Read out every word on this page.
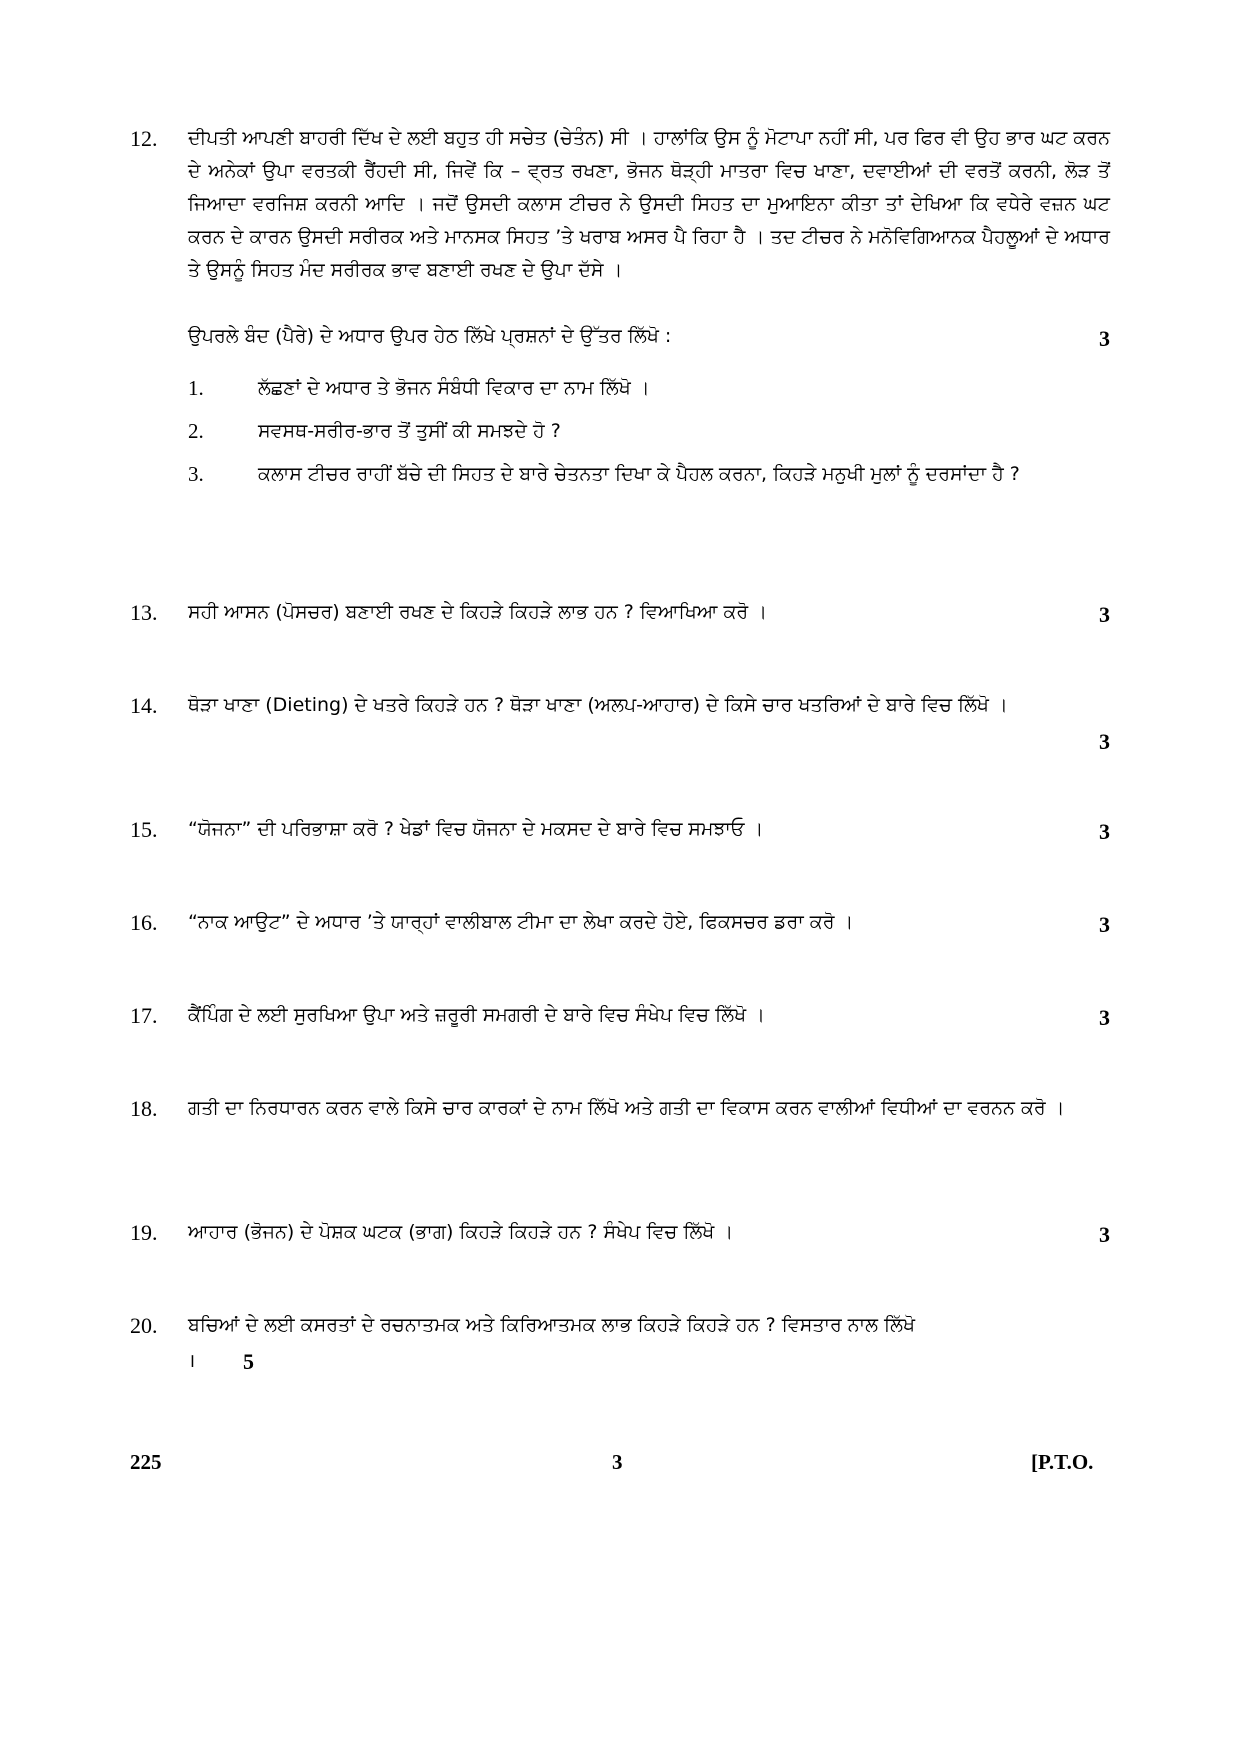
12.	ਦੀਪਤੀ ਆਪਣੀ ਬਾਹਰੀ ਦਿੱਖ ਦੇ ਲਈ ਬਹੁਤ ਹੀ ਸਚੇਤ (ਚੇਤੰਨ) ਸੀ । ਹਾਲਾਂਕਿ ਉਸ ਨੂੰ ਮੋਟਾਪਾ ਨਹੀਂ ਸੀ, ਪਰ ਫਿਰ ਵੀ ਉਹ ਭਾਰ ਘਟ ਕਰਨ ਦੇ ਅਨੇਕਾਂ ਉਪਾ ਵਰਤਕੀ ਰੈਂਹਦੀ ਸੀ, ਜਿਵੇਂ ਕਿ – ਵ੍ਰਤ ਰਖਣਾ, ਭੋਜਨ ਥੋੜ੍ਹੀ ਮਾਤਰਾ ਵਿਚ ਖਾਣਾ, ਦਵਾਈਆਂ ਦੀ ਵਰਤੋਂ ਕਰਨੀ, ਲੋੜ ਤੋਂ ਜਿਆਦਾ ਵਰਜਿਸ਼ ਕਰਨੀ ਆਦਿ । ਜਦੋਂ ਉਸਦੀ ਕਲਾਸ ਟੀਚਰ ਨੇ ਉਸਦੀ ਸਿਹਤ ਦਾ ਮੁਆਇਨਾ ਕੀਤਾ ਤਾਂ ਦੇਖਿਆ ਕਿ ਵਧੇਰੇ ਵਜ਼ਨ ਘਟ ਕਰਨ ਦੇ ਕਾਰਨ ਉਸਦੀ ਸਰੀਰਕ ਅਤੇ ਮਾਨਸਕ ਸਿਹਤ ’ਤੇ ਖਰਾਬ ਅਸਰ ਪੈ ਰਿਹਾ ਹੈ । ਤਦ ਟੀਚਰ ਨੇ ਮਨੋਵਿਗਿਆਨਕ ਪੈਹਲੂਆਂ ਦੇ ਅਧਾਰ ਤੇ ਉਸਨੂੰ ਸਿਹਤ ਮੰਦ ਸਰੀਰਕ ਭਾਵ ਬਣਾਈ ਰਖਣ ਦੇ ਉਪਾ ਦੱਸੇ ।
ਉਪਰਲੇ ਬੰਦ (ਪੈਰੇ) ਦੇ ਅਧਾਰ ਉਪਰ ਹੇਠ ਲਿੱਖੇ ਪ੍ਰਸ਼ਨਾਂ ਦੇ ਉੱਤਰ ਲਿੱਖੋ :	3
1.	ਲੱਛਣਾਂ ਦੇ ਅਧਾਰ ਤੇ ਭੋਜਨ ਸੰਬੰਧੀ ਵਿਕਾਰ ਦਾ ਨਾਮ ਲਿੱਖੋ ।
2.	ਸਵਸਥ-ਸਰੀਰ-ਭਾਰ ਤੋਂ ਤੁਸੀਂ ਕੀ ਸਮਝਦੇ ਹੋ ?
3.	ਕਲਾਸ ਟੀਚਰ ਰਾਹੀਂ ਬੱਚੇ ਦੀ ਸਿਹਤ ਦੇ ਬਾਰੇ ਚੇਤਨਤਾ ਦਿਖਾ ਕੇ ਪੈਹਲ ਕਰਨਾ, ਕਿਹੜੇ ਮਨੁਖੀ ਮੁਲਾਂ ਨੂੰ ਦਰਸਾਂਦਾ ਹੈ ?
13.	ਸਹੀ ਆਸਨ (ਪੋਸਚਰ) ਬਣਾਈ ਰਖਣ ਦੇ ਕਿਹੜੇ ਕਿਹੜੇ ਲਾਭ ਹਨ ? ਵਿਆਖਿਆ ਕਰੋ ।	3
14.	ਥੋੜਾ ਖਾਣਾ (Dieting) ਦੇ ਖਤਰੇ ਕਿਹੜੇ ਹਨ ? ਥੋੜਾ ਖਾਣਾ (ਅਲਪ-ਆਹਾਰ) ਦੇ ਕਿਸੇ ਚਾਰ ਖਤਰਿਆਂ ਦੇ ਬਾਰੇ ਵਿਚ ਲਿੱਖੋ ।
3
15.	“ਯੋਜਨਾ” ਦੀ ਪਰਿਭਾਸ਼ਾ ਕਰੋ ? ਖੇਡਾਂ ਵਿਚ ਯੋਜਨਾ ਦੇ ਮਕਸਦ ਦੇ ਬਾਰੇ ਵਿਚ ਸਮਝਾਓ ।	3
16.	“ਨਾਕ ਆਉਟ” ਦੇ ਅਧਾਰ ’ਤੇ ਯਾਰ੍ਹਾਂ ਵਾਲੀਬਾਲ ਟੀਮਾ ਦਾ ਲੇਖਾ ਕਰਦੇ ਹੋਏ, ਫਿਕਸਚਰ ਡਰਾ ਕਰੋ ।	3
17.	ਕੈਂਪਿੰਗ ਦੇ ਲਈ ਸੁਰਖਿਆ ਉਪਾ ਅਤੇ ਜ਼ਰੂਰੀ ਸਮਗਰੀ ਦੇ ਬਾਰੇ ਵਿਚ ਸੰਖੇਪ ਵਿਚ ਲਿੱਖੋ ।	3
18.	ਗਤੀ ਦਾ ਨਿਰਧਾਰਨ ਕਰਨ ਵਾਲੇ ਕਿਸੇ ਚਾਰ ਕਾਰਕਾਂ ਦੇ ਨਾਮ ਲਿੱਖੋ ਅਤੇ ਗਤੀ ਦਾ ਵਿਕਾਸ ਕਰਨ ਵਾਲੀਆਂ ਵਿਧੀਆਂ ਦਾ ਵਰਨਨ ਕਰੋ ।
19.	ਆਹਾਰ (ਭੋਜਨ) ਦੇ ਪੋਸ਼ਕ ਘਟਕ (ਭਾਗ) ਕਿਹੜੇ ਕਿਹੜੇ ਹਨ ? ਸੰਖੇਪ ਵਿਚ ਲਿੱਖੋ ।	3
20.	ਬਚਿਆਂ ਦੇ ਲਈ ਕਸਰਤਾਂ ਦੇ ਰਚਨਾਤਮਕ ਅਤੇ ਕਿਰਿਆਤਮਕ ਲਾਭ ਕਿਹੜੇ ਕਿਹੜੇ ਹਨ ? ਵਿਸਤਾਰ ਨਾਲ ਲਿੱਖੋ
। 5
225	3	[P.T.O.
